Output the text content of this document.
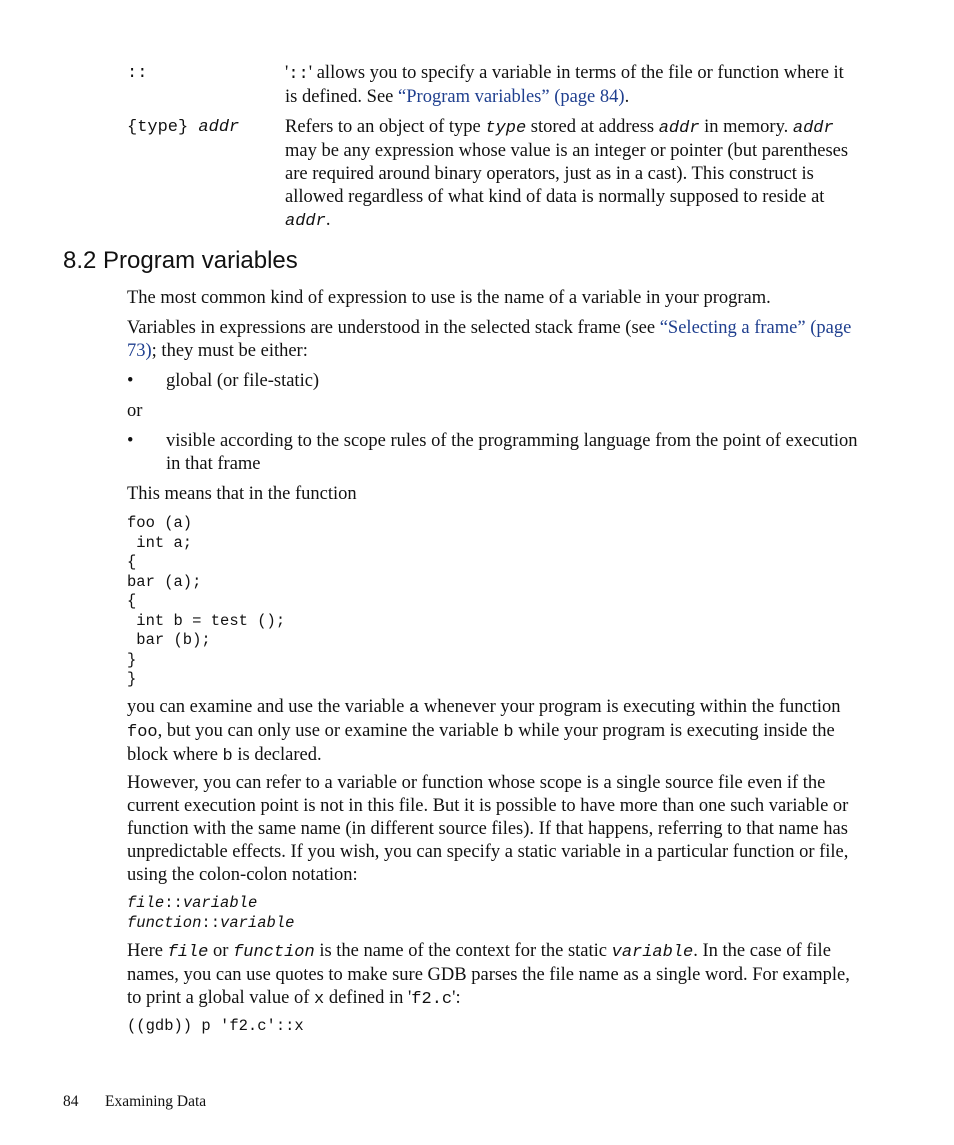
::	'::' allows you to specify a variable in terms of the file or function where it is defined. See “Program variables” (page 84).
{type} addr Refers to an object of type type stored at address addr in memory. addr may be any expression whose value is an integer or pointer (but parentheses are required around binary operators, just as in a cast). This construct is allowed regardless of what kind of data is normally supposed to reside at addr.
8.2 Program variables
The most common kind of expression to use is the name of a variable in your program.
Variables in expressions are understood in the selected stack frame (see “Selecting a frame” (page 73); they must be either:
• global (or file-static)
or
• visible according to the scope rules of the programming language from the point of execution in that frame
This means that in the function
foo (a)
int a;
{
bar (a);
{
int b = test ();
bar (b);
}
}
you can examine and use the variable a whenever your program is executing within the function foo, but you can only use or examine the variable b while your program is executing inside the block where b is declared.
However, you can refer to a variable or function whose scope is a single source file even if the current execution point is not in this file. But it is possible to have more than one such variable or function with the same name (in different source files). If that happens, referring to that name has unpredictable effects. If you wish, you can specify a static variable in a particular function or file, using the colon-colon notation:
file::variable
function::variable
Here file or function is the name of the context for the static variable. In the case of file names, you can use quotes to make sure GDB parses the file name as a single word. For example, to print a global value of x defined in 'f2.c':
((gdb)) p 'f2.c'::x
84 Examining Data
